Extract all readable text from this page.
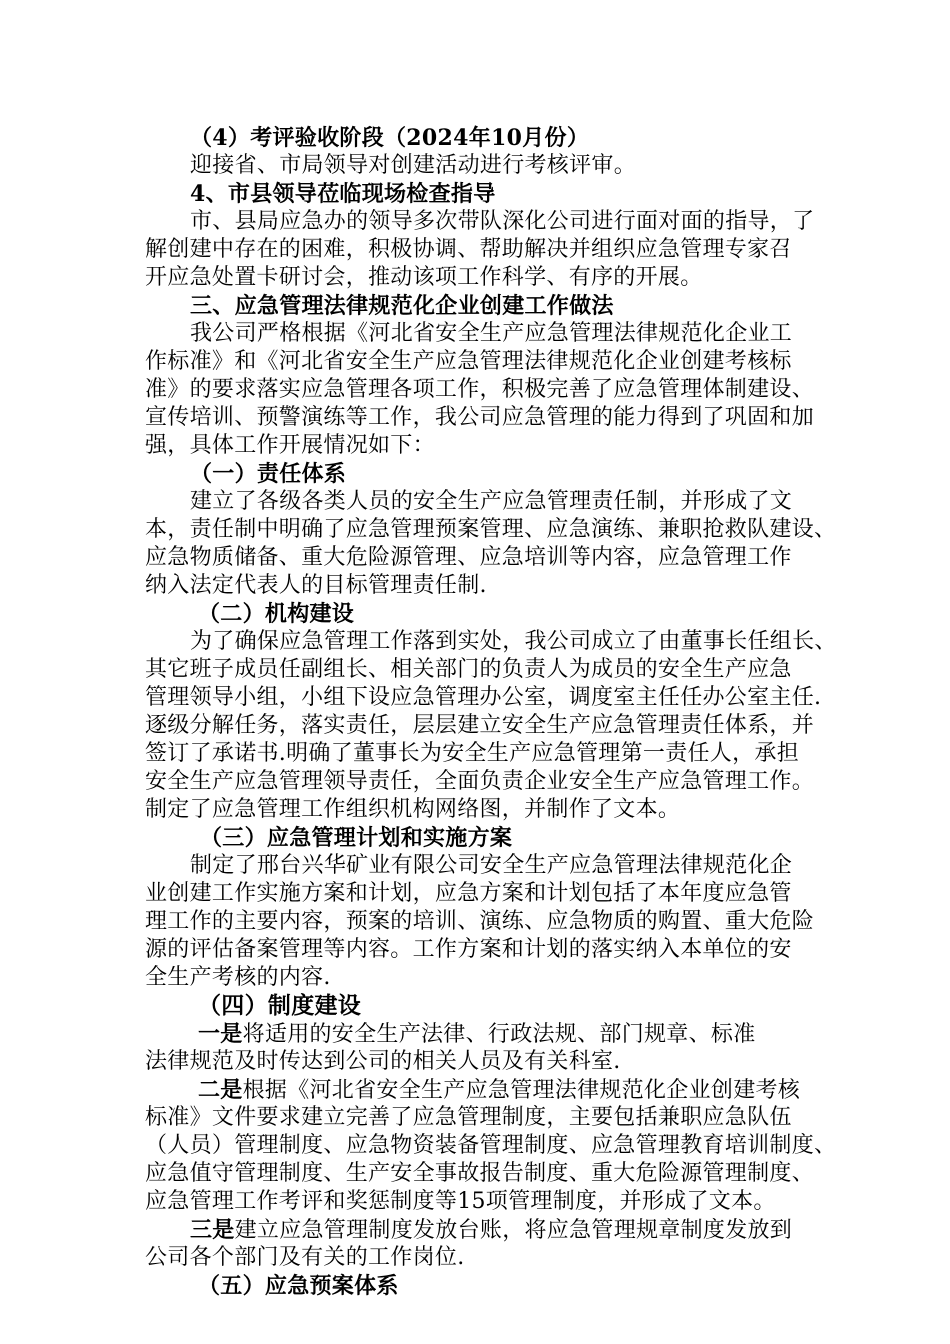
（4）考评验收阶段（2024年10月份）
迎接省、市局领导对创建活动进行考核评审。
4、市县领导莅临现场检查指导
市、县局应急办的领导多次带队深化公司进行面对面的指导，了
解创建中存在的困难，积极协调、帮助解决并组织应急管理专家召
开应急处置卡研讨会，推动该项工作科学、有序的开展。
三、应急管理法律规范化企业创建工作做法
我公司严格根据《河北省安全生产应急管理法律规范化企业工
作标准》和《河北省安全生产应急管理法律规范化企业创建考核标
准》的要求落实应急管理各项工作，积极完善了应急管理体制建设、
宣传培训、预警演练等工作，我公司应急管理的能力得到了巩固和加
强，具体工作开展情况如下：
（一）责任体系
建立了各级各类人员的安全生产应急管理责任制，并形成了文
本，责任制中明确了应急管理预案管理、应急演练、兼职抢救队建设、
应急物质储备、重大危险源管理、应急培训等内容，应急管理工作
纳入法定代表人的目标管理责任制.
（二）机构建设
为了确保应急管理工作落到实处，我公司成立了由董事长任组长、
其它班子成员任副组长、相关部门的负责人为成员的安全生产应急
管理领导小组，小组下设应急管理办公室，调度室主任任办公室主任.
逐级分解任务，落实责任，层层建立安全生产应急管理责任体系，并
签订了承诺书.明确了董事长为安全生产应急管理第一责任人，承担
安全生产应急管理领导责任，全面负责企业安全生产应急管理工作。
制定了应急管理工作组织机构网络图，并制作了文本。
（三）应急管理计划和实施方案
制定了邢台兴华矿业有限公司安全生产应急管理法律规范化企
业创建工作实施方案和计划，应急方案和计划包括了本年度应急管
理工作的主要内容，预案的培训、演练、应急物质的购置、重大危险
源的评估备案管理等内容。工作方案和计划的落实纳入本单位的安
全生产考核的内容.
（四）制度建设
一是将适用的安全生产法律、行政法规、部门规章、标准
法律规范及时传达到公司的相关人员及有关科室.
二是根据《河北省安全生产应急管理法律规范化企业创建考核
标准》文件要求建立完善了应急管理制度，主要包括兼职应急队伍
（人员）管理制度、应急物资装备管理制度、应急管理教育培训制度、
应急值守管理制度、生产安全事故报告制度、重大危险源管理制度、
应急管理工作考评和奖惩制度等15项管理制度，并形成了文本。
三是建立应急管理制度发放台账，将应急管理规章制度发放到
公司各个部门及有关的工作岗位.
（五）应急预案体系
